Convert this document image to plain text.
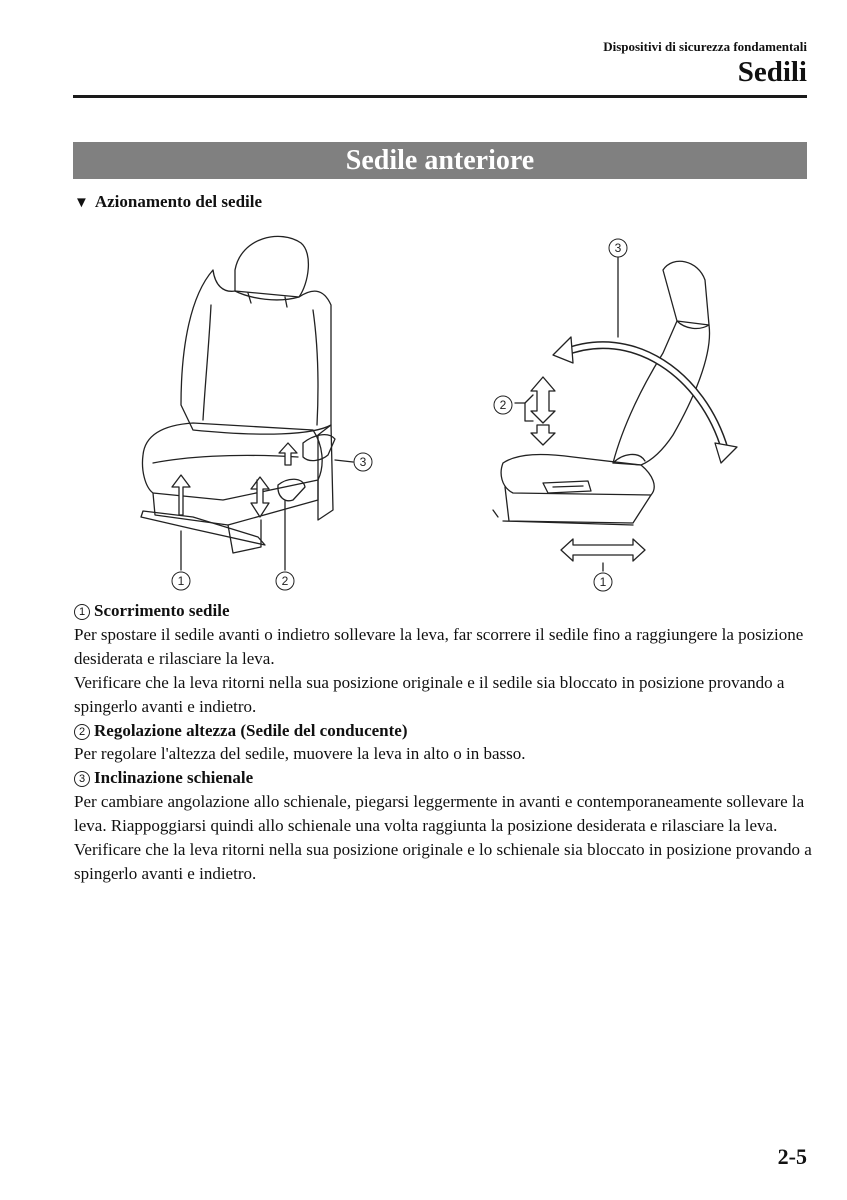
Dispositivi di sicurezza fondamentali
Sedili
Sedile anteriore
▼ Azionamento del sedile
1	2
3
3
2
1

1 Scorrimento sedile

Per spostare il sedile avanti o indietro sollevare la leva, far scorrere il sedile fino a raggiungere la posizione desiderata e rilasciare la leva.

Verificare che la leva ritorni nella sua posizione originale e il sedile sia bloccato in posizione provando a spingerlo avanti e indietro.

2 Regolazione altezza (Sedile del conducente)

Per regolare l'altezza del sedile, muovere la leva in alto o in basso.

3 Inclinazione schienale

Per cambiare angolazione allo schienale, piegarsi leggermente in avanti e contemporaneamente sollevare la leva. Riappoggiarsi quindi allo schienale una volta raggiunta la posizione desiderata e rilasciare la leva.

Verificare che la leva ritorni nella sua posizione originale e lo schienale sia bloccato in posizione provando a spingerlo avanti e indietro.

2-5
